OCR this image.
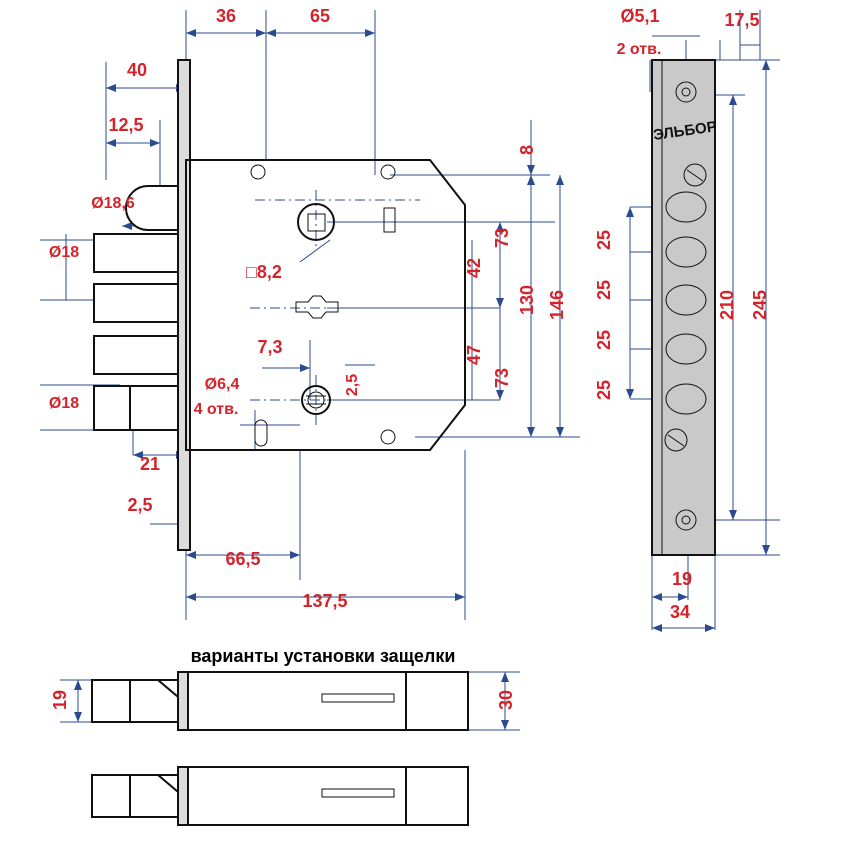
36	65
40
12,5
Ø18,6
Ø18
Ø18
□8,2
7,3
2,5
Ø6,4
4 отв.
21
2,5
66,5
137,5
8
73
42
130 146
47
73
ЭЛЬБОР
Ø5,1
2 отв.
17,5
25
25
25
25
210 245
19
34
варианты установки защелки
19	30
